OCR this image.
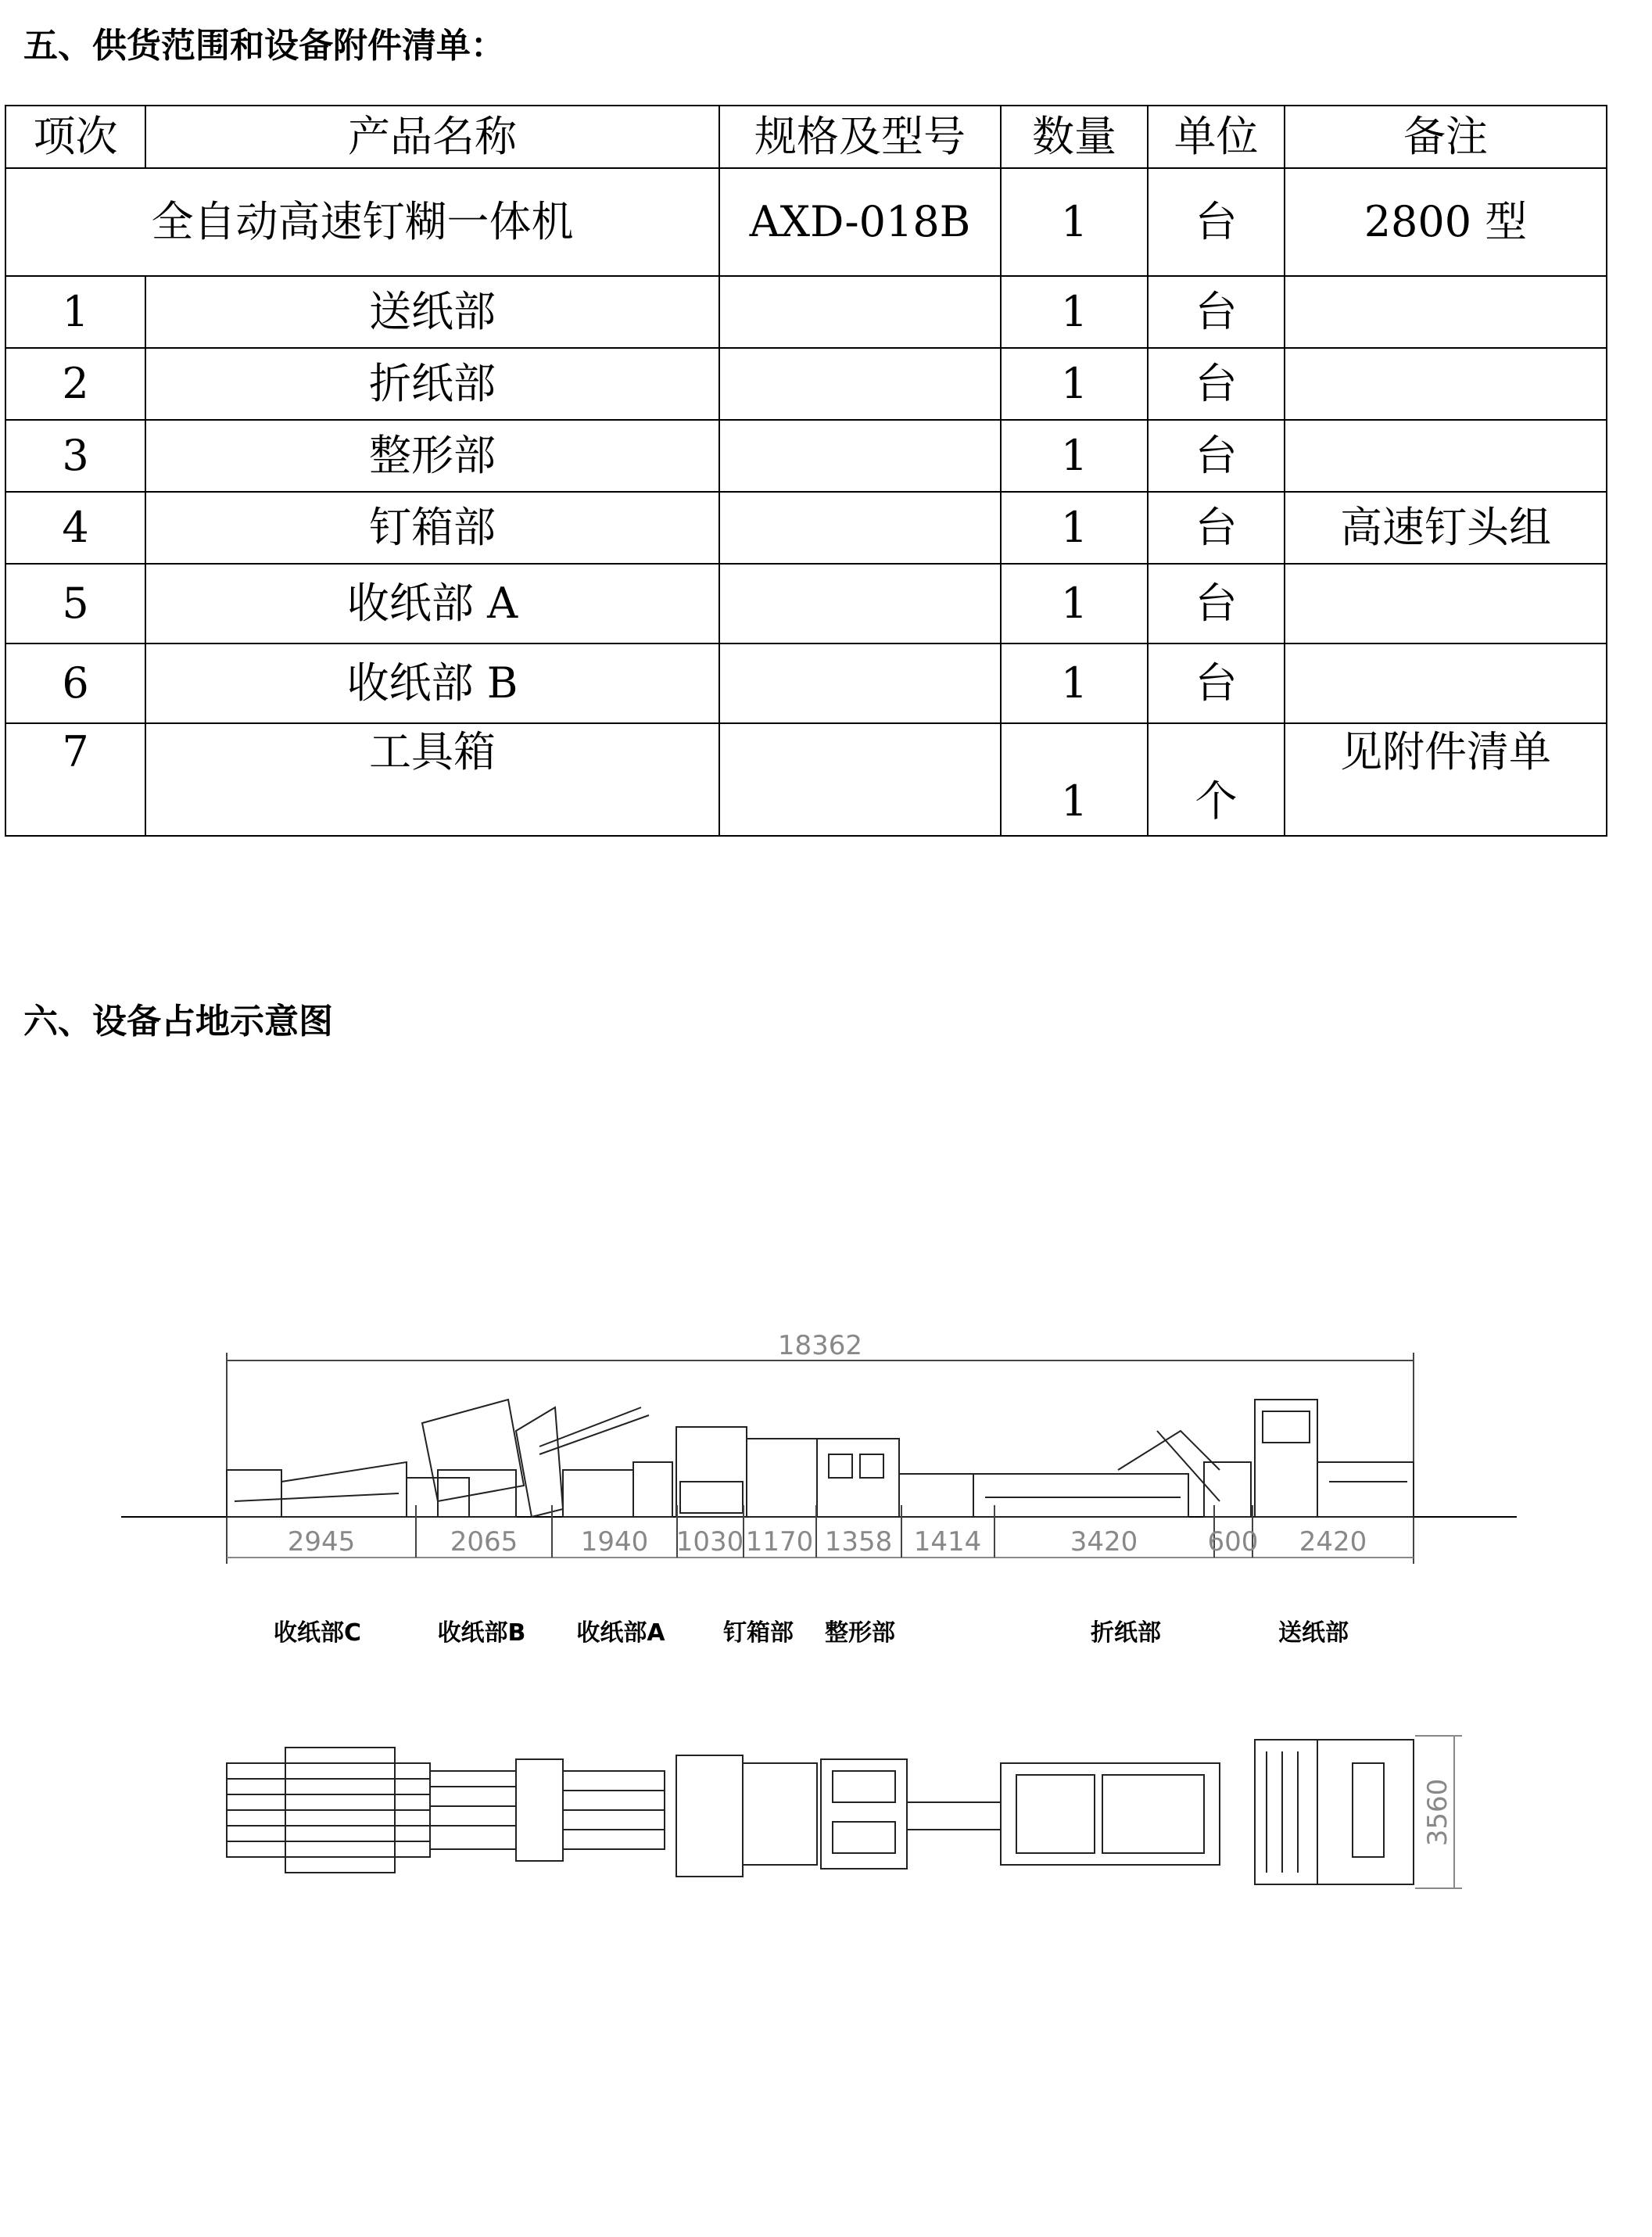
五、供货范围和设备附件清单：
项次	产品名称	规格及型号	数量	单位	备注
全自动高速钉糊一体机		AXD-018B	1	台	2800 型
1	送纸部		1	台	
2	折纸部		1	台	
3	整形部		1	台	
4	钉箱部		1	台	高速钉头组
5	收纸部 A		1	台	
6	收纸部 B		1	台	
7	工具箱		1	个	见附件清单
六、设备占地示意图
18362
2945	2065 1940 1030 1170 1358 1414	3420	600 2420
收纸部C	收纸部B 收纸部A 钉箱部 整形部	折纸部	送纸部
3560
